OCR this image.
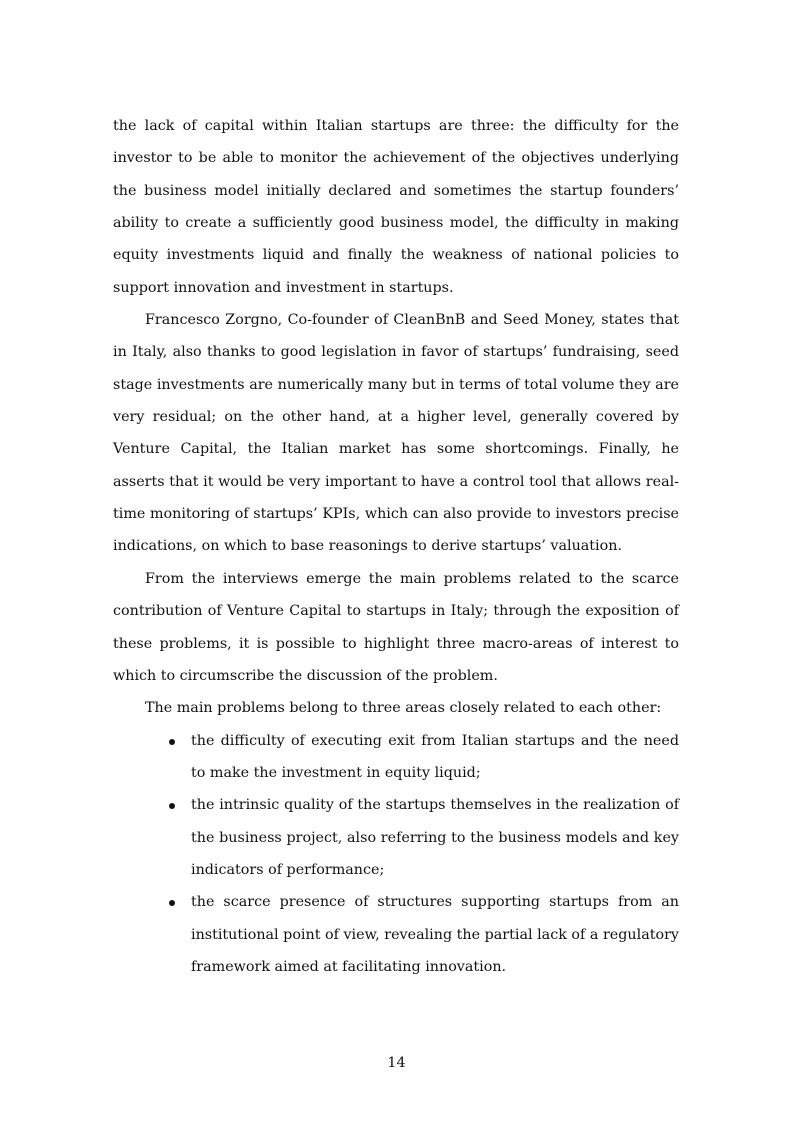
the lack of capital within Italian startups are three: the difficulty for the investor to be able to monitor the achievement of the objectives underlying the business model initially declared and sometimes the startup founders’ ability to create a sufficiently good business model, the difficulty in making equity investments liquid and finally the weakness of national policies to support innovation and investment in startups.

Francesco Zorgno, Co-founder of CleanBnB and Seed Money, states that in Italy, also thanks to good legislation in favor of startups’ fundraising, seed stage investments are numerically many but in terms of total volume they are very residual; on the other hand, at a higher level, generally covered by Venture Capital, the Italian market has some shortcomings. Finally, he asserts that it would be very important to have a control tool that allows real-time monitoring of startups’ KPIs, which can also provide to investors precise indications, on which to base reasonings to derive startups’ valuation.

From the interviews emerge the main problems related to the scarce contribution of Venture Capital to startups in Italy; through the exposition of these problems, it is possible to highlight three macro-areas of interest to which to circumscribe the discussion of the problem.

The main problems belong to three areas closely related to each other:

the difficulty of executing exit from Italian startups and the need to make the investment in equity liquid;

the intrinsic quality of the startups themselves in the realization of the business project, also referring to the business models and key indicators of performance;

the scarce presence of structures supporting startups from an institutional point of view, revealing the partial lack of a regulatory framework aimed at facilitating innovation.

14
